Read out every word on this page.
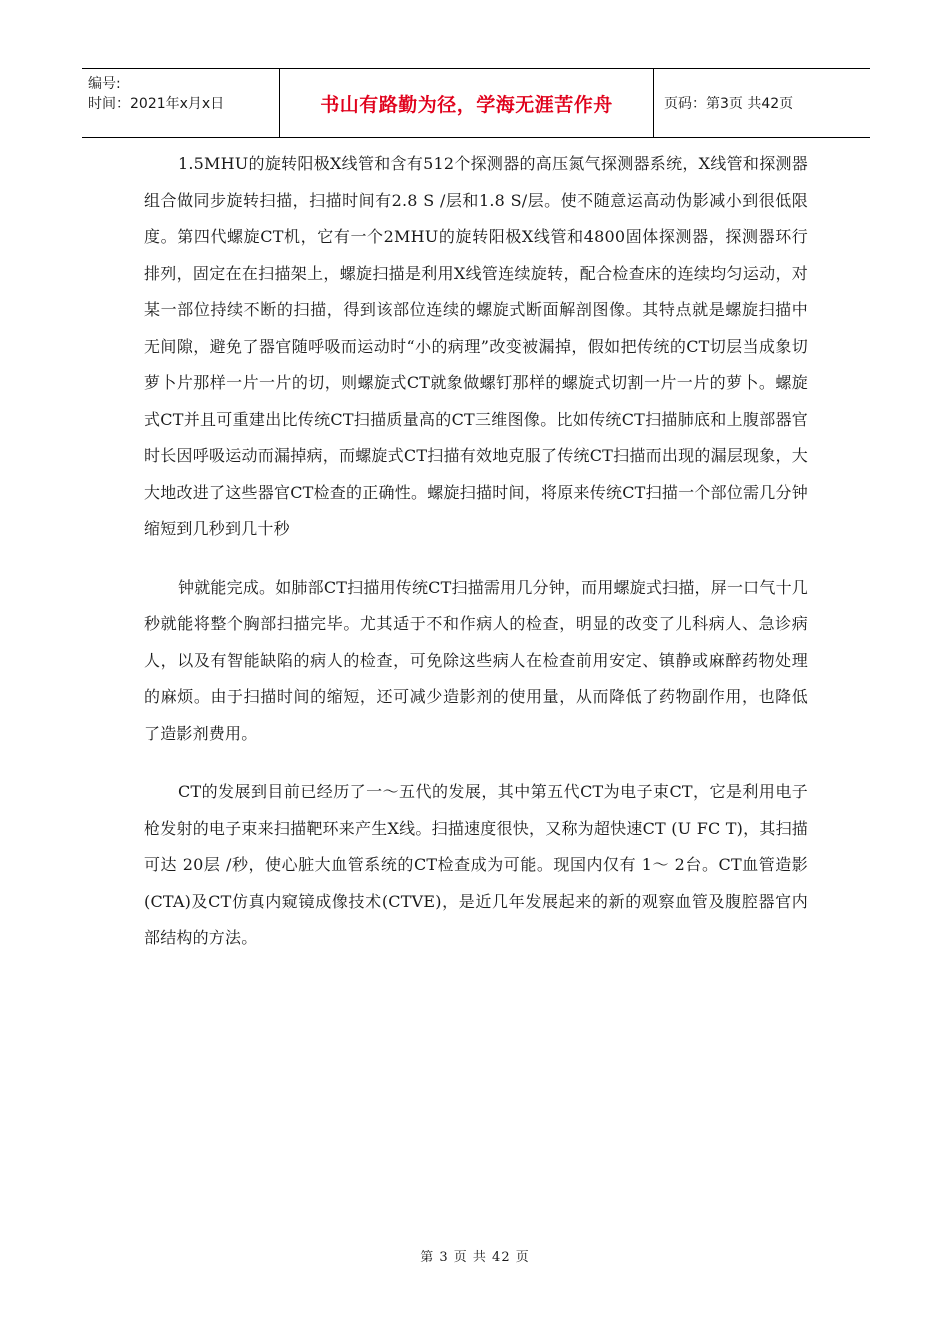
编号:
时间：2021年x月x日	书山有路勤为径，学海无涯苦作舟	页码：第3页 共42页

1.5MHU的旋转阳极X线管和含有512个探测器的高压氮气探测器系统，X线管和探测器组合做同步旋转扫描，扫描时间有2.8 S /层和1.8 S/层。使不随意运高动伪影减小到很低限度。第四代螺旋CT机，它有一个2MHU的旋转阳极X线管和4800固体探测器，探测器环行排列，固定在在扫描架上，螺旋扫描是利用X线管连续旋转，配合检查床的连续均匀运动，对某一部位持续不断的扫描，得到该部位连续的螺旋式断面解剖图像。其特点就是螺旋扫描中无间隙，避免了器官随呼吸而运动时“小的病理”改变被漏掉，假如把传统的CT切层当成象切萝卜片那样一片一片的切，则螺旋式CT就象做螺钉那样的螺旋式切割一片一片的萝卜。螺旋式CT并且可重建出比传统CT扫描质量高的CT三维图像。比如传统CT扫描肺底和上腹部器官时长因呼吸运动而漏掉病，而螺旋式CT扫描有效地克服了传统CT扫描而出现的漏层现象，大大地改进了这些器官CT检查的正确性。螺旋扫描时间，将原来传统CT扫描一个部位需几分钟缩短到几秒到几十秒

钟就能完成。如肺部CT扫描用传统CT扫描需用几分钟，而用螺旋式扫描，屏一口气十几秒就能将整个胸部扫描完毕。尤其适于不和作病人的检查，明显的改变了儿科病人、急诊病人，以及有智能缺陷的病人的检查，可免除这些病人在检查前用安定、镇静或麻醉药物处理的麻烦。由于扫描时间的缩短，还可减少造影剂的使用量，从而降低了药物副作用，也降低了造影剂费用。

CT的发展到目前已经历了一～五代的发展，其中第五代CT为电子束CT，它是利用电子枪发射的电子束来扫描靶环来产生X线。扫描速度很快，又称为超快速CT (U FC T)，其扫描可达 20层 /秒，使心脏大血管系统的CT检查成为可能。现国内仅有 1～ 2台。CT血管造影(CTA)及CT仿真内窥镜成像技术(CTVE)，是近几年发展起来的新的观察血管及腹腔器官内部结构的方法。

第 3 页 共 42 页
